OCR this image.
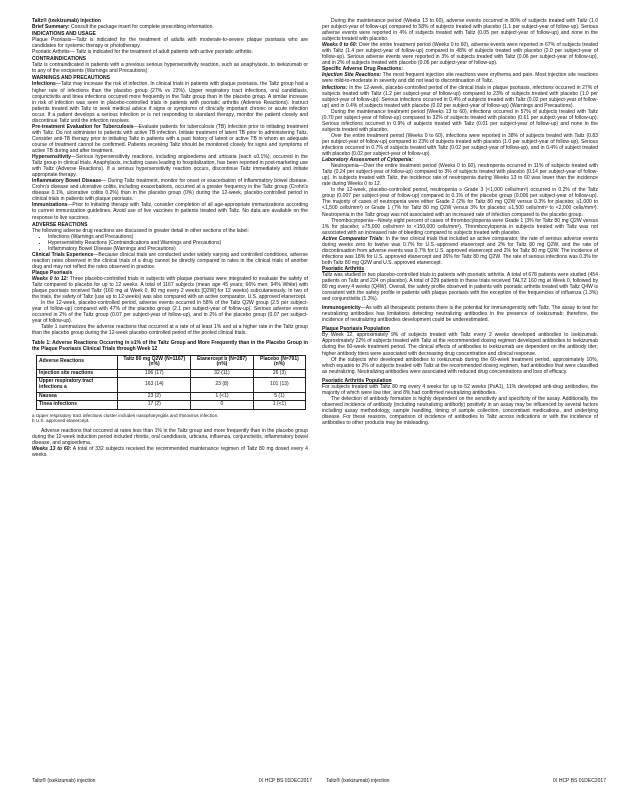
Taltz® (ixekizumab) injection

Brief Summary: Consult the package insert for complete prescribing information.

INDICATIONS AND USAGE

Plaque Psoriasis—Taltz is indicated for the treatment of adults with moderate-to-severe plaque psoriasis who are candidates for systemic therapy or phototherapy.

Psoriatic Arthritis— Taltz is indicated for the treatment of adult patients with active psoriatic arthritis.

CONTRAINDICATIONS

Taltz is contraindicated in patients with a previous serious hypersensitivity reaction, such as anaphylaxis, to ixekizumab or to any of the excipients (Warnings and Precautions)

WARNINGS AND PRECAUTIONS

Infections—Taltz may increase the risk of infection. In clinical trials in patients with plaque psoriasis, the Taltz group had a higher rate of infections than the placebo group (27% vs 23%). Upper respiratory tract infections, oral candidiasis, conjunctivitis and tinea infections occurred more frequently in the Taltz group than in the placebo group. A similar increase in risk of infection was seen in placebo-controlled trials in patients with psoriatic arthritis (Adverse Reactions). Instruct patients treated with Taltz to seek medical advice if signs or symptoms of clinically important chronic or acute infection occur. If a patient develops a serious infection or is not responding to standard therapy, monitor the patient closely and discontinue Taltz until the infection resolves.

Pre-treatment Evaluation for Tuberculosis—Evaluate patients for tuberculosis (TB) infection prior to initiating treatment with Taltz. Do not administer to patients with active TB infection. Initiate treatment of latent TB prior to administering Taltz. Consider anti-TB therapy prior to initiating Taltz in patients with a past history of latent or active TB in whom an adequate course of treatment cannot be confirmed. Patients receiving Taltz should be monitored closely for signs and symptoms of active TB during and after treatment.

Hypersensitivity—Serious hypersensitivity reactions, including angioedema and urticaria (each ≤0.1%), occurred in the Taltz group in clinical trials. Anaphylaxis, including cases leading to hospitalization, has been reported in post-marketing use with Taltz (Adverse Reactions). If a serious hypersensitivity reaction occurs, discontinue Taltz immediately and initiate appropriate therapy.

Inflammatory Bowel Disease— During Taltz treatment, monitor for onset or exacerbation of inflammatory bowel disease. Crohn's disease and ulcerative colitis, including exacerbations, occurred at a greater frequency in the Taltz group (Crohn's disease 0.1%, ulcerative colitis 0.2%) than in the placebo group (0%) during the 12-week, placebo-controlled period in clinical trials in patients with plaque psoriasis.

Immunizations—Prior to initiating therapy with Taltz, consider completion of all age-appropriate immunizations according to current immunization guidelines. Avoid use of live vaccines in patients treated with Taltz. No data are available on the response to live vaccines.

ADVERSE REACTIONS

The following adverse drug reactions are discussed in greater detail in other sections of the label:

• Infections (Warnings and Precautions)
• Hypersensitivity Reactions (Contraindications and Warnings and Precautions)
• Inflammatory Bowel Disease (Warnings and Precautions)

Clinical Trials Experience—Because clinical trials are conducted under widely varying and controlled conditions, adverse reaction rates observed in the clinical trials of a drug cannot be directly compared to rates in the clinical trials of another drug and may not reflect the rates observed in practice.

Plaque Psoriasis

Weeks 0 to 12: Three placebo-controlled trials in subjects with plaque psoriasis were integrated to evaluate the safety of Taltz compared to placebo for up to 12 weeks. A total of 1167 subjects (mean age 45 years; 66% men; 94% White) with plaque psoriasis received Taltz (160 mg at Week 0, 80 mg every 2 weeks [Q2W] for 12 weeks) subcutaneously. In two of the trials, the safety of Taltz (use up to 12 weeks) was also compared with an active comparator, U.S. approved etanercept.

In the 12-week, placebo-controlled period, adverse events occurred in 58% of the Taltz Q2W group (2.5 per subject-year of follow-up) compared with 47% of the placebo group (2.1 per subject-year of follow-up). Serious adverse events occurred in 2% of the Taltz group (0.07 per subject-year of follow-up), and in 2% of the placebo group (0.07 per subject-year of follow-up).

Table 1 summarizes the adverse reactions that occurred at a rate of at least 1% and at a higher rate in the Taltz group than the placebo group during the 12-week placebo-controlled period of the pooled clinical trials.

Table 1: Adverse Reactions Occurring in ≥1% of the Taltz Group and More Frequently than in the Placebo Group in the Plaque Psoriasis Clinical Trials through Week 12

Adverse Reactions	Taltz 80 mg Q2W (N=1167) (n%)	Etanercept b (N=287) (n%)	Placebo (N=791) (n%)
Injection site reactions	196 (17)	32 (11)	26 (3)
Upper respiratory tract infections a	163 (14)	23 (8)	101 (13)
Nausea	23 (2)	1 (<1)	5 (1)
Tinea infections	17 (2)	0	1 (<1)

a Upper respiratory tract infections cluster includes nasopharyngitis and rhinovirus infection.

b U.S. approved etanercept.

Adverse reactions that occurred at rates less than 1% in the Taltz group and more frequently than in the placebo group during the 12-week induction period included rhinitis, oral candidiasis, urticaria, influenza, conjunctivitis, inflammatory bowel disease, and angioedema.

Weeks 13 to 60: A total of 332 subjects received the recommended maintenance regimen of Taltz 80 mg dosed every 4 weeks.

During the maintenance period (Weeks 13 to 60), adverse events occurred in 80% of subjects treated with Taltz (1.0 per subject-year of follow-up) compared to 58% of subjects treated with placebo (1.1 per subject-year of follow-up). Serious adverse events were reported in 4% of subjects treated with Taltz (0.05 per subject-year of follow-up) and none in the subjects treated with placebo.

Weeks 0 to 60: Over the entire treatment period (Weeks 0 to 60), adverse events were reported in 67% of subjects treated with Taltz (1.4 per subject-year of follow-up) compared to 48% of subjects treated with placebo (2.0 per subject-year of follow-up). Serious adverse events were reported in 3% of subjects treated with Taltz (0.06 per subject-year of follow-up), and in 2% of subjects treated with placebo (0.06 per subject-year of follow-up).

Specific Adverse Drug Reactions:

Injection Site Reactions: The most frequent injection site reactions were erythema and pain. Most injection site reactions were mild-to-moderate in severity and did not lead to discontinuation of Taltz.

Infections: In the 12-week, placebo-controlled period of the clinical trials in plaque psoriasis, infections occurred in 27% of subjects treated with Taltz (1.2 per subject-year of follow-up) compared to 23% of subjects treated with placebo (1.0 per subject-year of follow-up). Serious infections occurred in 0.4% of subjects treated with Taltz (0.02 per subject-year of follow-up) and in 0.4% of subjects treated with placebo (0.02 per subject-year of follow-up) (Warnings and Precautions).

During the maintenance treatment period (Weeks 13 to 60), infections occurred in 57% of subjects treated with Taltz (0.70 per subject-year of follow-up) compared to 32% of subjects treated with placebo (0.61 per subject-year of follow-up). Serious infections occurred in 0.9% of subjects treated with Taltz (0.01 per subject-year of follow-up) and none in the subjects treated with placebo.

Over the entire treatment period (Weeks 0 to 60), infections were reported in 38% of subjects treated with Taltz (0.83 per subject-year of follow-up) compared to 23% of subjects treated with placebo (1.0 per subject-year of follow-up). Serious infections occurred in 0.7% of subjects treated with Taltz (0.02 per subject-year of follow-up), and in 0.4% of subject treated with placebo (0.02 per subject-year of follow-up).

Laboratory Assessment of Cytopenia:

Neutropenia—Over the entire treatment period (Weeks 0 to 60), neutropenia occurred in 11% of subjects treated with Taltz (0.24 per subject-year of follow-up) compared to 3% of subjects treated with placebo (0.14 per subject-year of follow-up). In subjects treated with Taltz, the incidence rate of neutropenia during Weeks 13 to 60 was lower than the incidence rate during Weeks 0 to 12.

In the 12-week, placebo-controlled period, neutropenia ≥ Grade 3 (<1,000 cells/mm³) occurred in 0.2% of the Taltz group (0.007 per subject-year of follow-up) compared to 0.1% of the placebo group (0.006 per subject-year of follow-up). The majority of cases of neutropenia were either Grade 2 (2% for Taltz 80 mg Q2W versus 0.3% for placebo; ≥1,000 to <1,500 cells/mm³) or Grade 1 (7% for Taltz 80 mg Q2W versus 3% for placebo; ≥1,500 cells/mm³ to <2,000 cells/mm³). Neutropenia in the Taltz group was not associated with an increased rate of infection compared to the placebo group.

Thrombocytopenia—Ninety eight percent of cases of thrombocytopenia were Grade 1 (3% for Taltz 80 mg Q2W versus 1% for placebo; ≥75,000 cells/mm³ to <150,000 cells/mm³). Thrombocytopenia in subjects treated with Taltz was not associated with an increased rate of bleeding compared to subjects treated with placebo.

Active Comparator Trials: In the two clinical trials that included an active comparator, the rate of serious adverse events during weeks zero to twelve was 0.7% for U.S.-approved etanercept and 2% for Taltz 80 mg Q2W, and the rate of discontinuation from adverse events was 0.7% for U.S. approved etanercept and 2% for Taltz 80 mg Q2W. The incidence of infections was 18% for U.S. approved etanercept and 26% for Taltz 80 mg Q2W. The rate of serious infections was 0.3% for both Taltz 80 mg Q2W and U.S. approved etanercept.

Psoriatic Arthritis

Taltz was studied in two placebo-controlled trials in patients with psoriatic arthritis. A total of 678 patients were studied (454 patients on Taltz and 224 on placebo). A total of 229 patients in these trials received TALTZ 160 mg at Week 0, followed by 80 mg every 4 weeks (Q4W). Overall, the safety profile observed in patients with psoriatic arthritis treated with Taltz Q4W is consistent with the safety profile in patients with plaque psoriasis with the exception of the frequencies of influenza (1.3%) and conjunctivitis (1.3%).

Immunogenicity—As with all therapeutic proteins there is the potential for immunogenicity with Taltz. The assay to test for neutralizing antibodies has limitations detecting neutralizing antibodies in the presence of ixekizumab; therefore, the incidence of neutralizing antibodies development could be underestimated.

Plaque Psoriasis Population

By Week 12, approximately 9% of subjects treated with Taltz every 2 weeks developed antibodies to ixekizumab. Approximately 22% of subjects treated with Taltz at the recommended dosing regimen developed antibodies to ixekizumab during the 60-week treatment period. The clinical effects of antibodies to ixekizumab are dependent on the antibody titer; higher antibody titers were associated with decreasing drug concentration and clinical response.

Of the subjects who developed antibodies to ixekizumab during the 60-week treatment period, approximately 10%, which equates to 2% of subjects treated with Taltz at the recommended dosing regimen, had antibodies that were classified as neutralizing. Neutralizing antibodies were associated with reduced drug concentrations and loss of efficacy.

Psoriatic Arthritis Population

For subjects treated with Taltz 80 mg every 4 weeks for up to 52 weeks (PsA1), 11% developed anti-drug antibodies, the majority of which were low titer, and 8% had confirmed neutralizing antibodies.

The detection of antibody formation is highly dependent on the sensitivity and specificity of the assay. Additionally, the observed incidence of antibody (including neutralizing antibody) positivity in an assay may be influenced by several factors including assay methodology, sample handling, timing of sample collection, concomitant medications, and underlying disease. For these reasons, comparison of incidence of antibodies to Taltz across indications or with the incidence of antibodies to other products may be misleading.

Taltz® (ixekizumab) injection	IX HCP BS 01DEC2017	Taltz® (ixekizumab) injection	IX HCP BS 01DEC2017
